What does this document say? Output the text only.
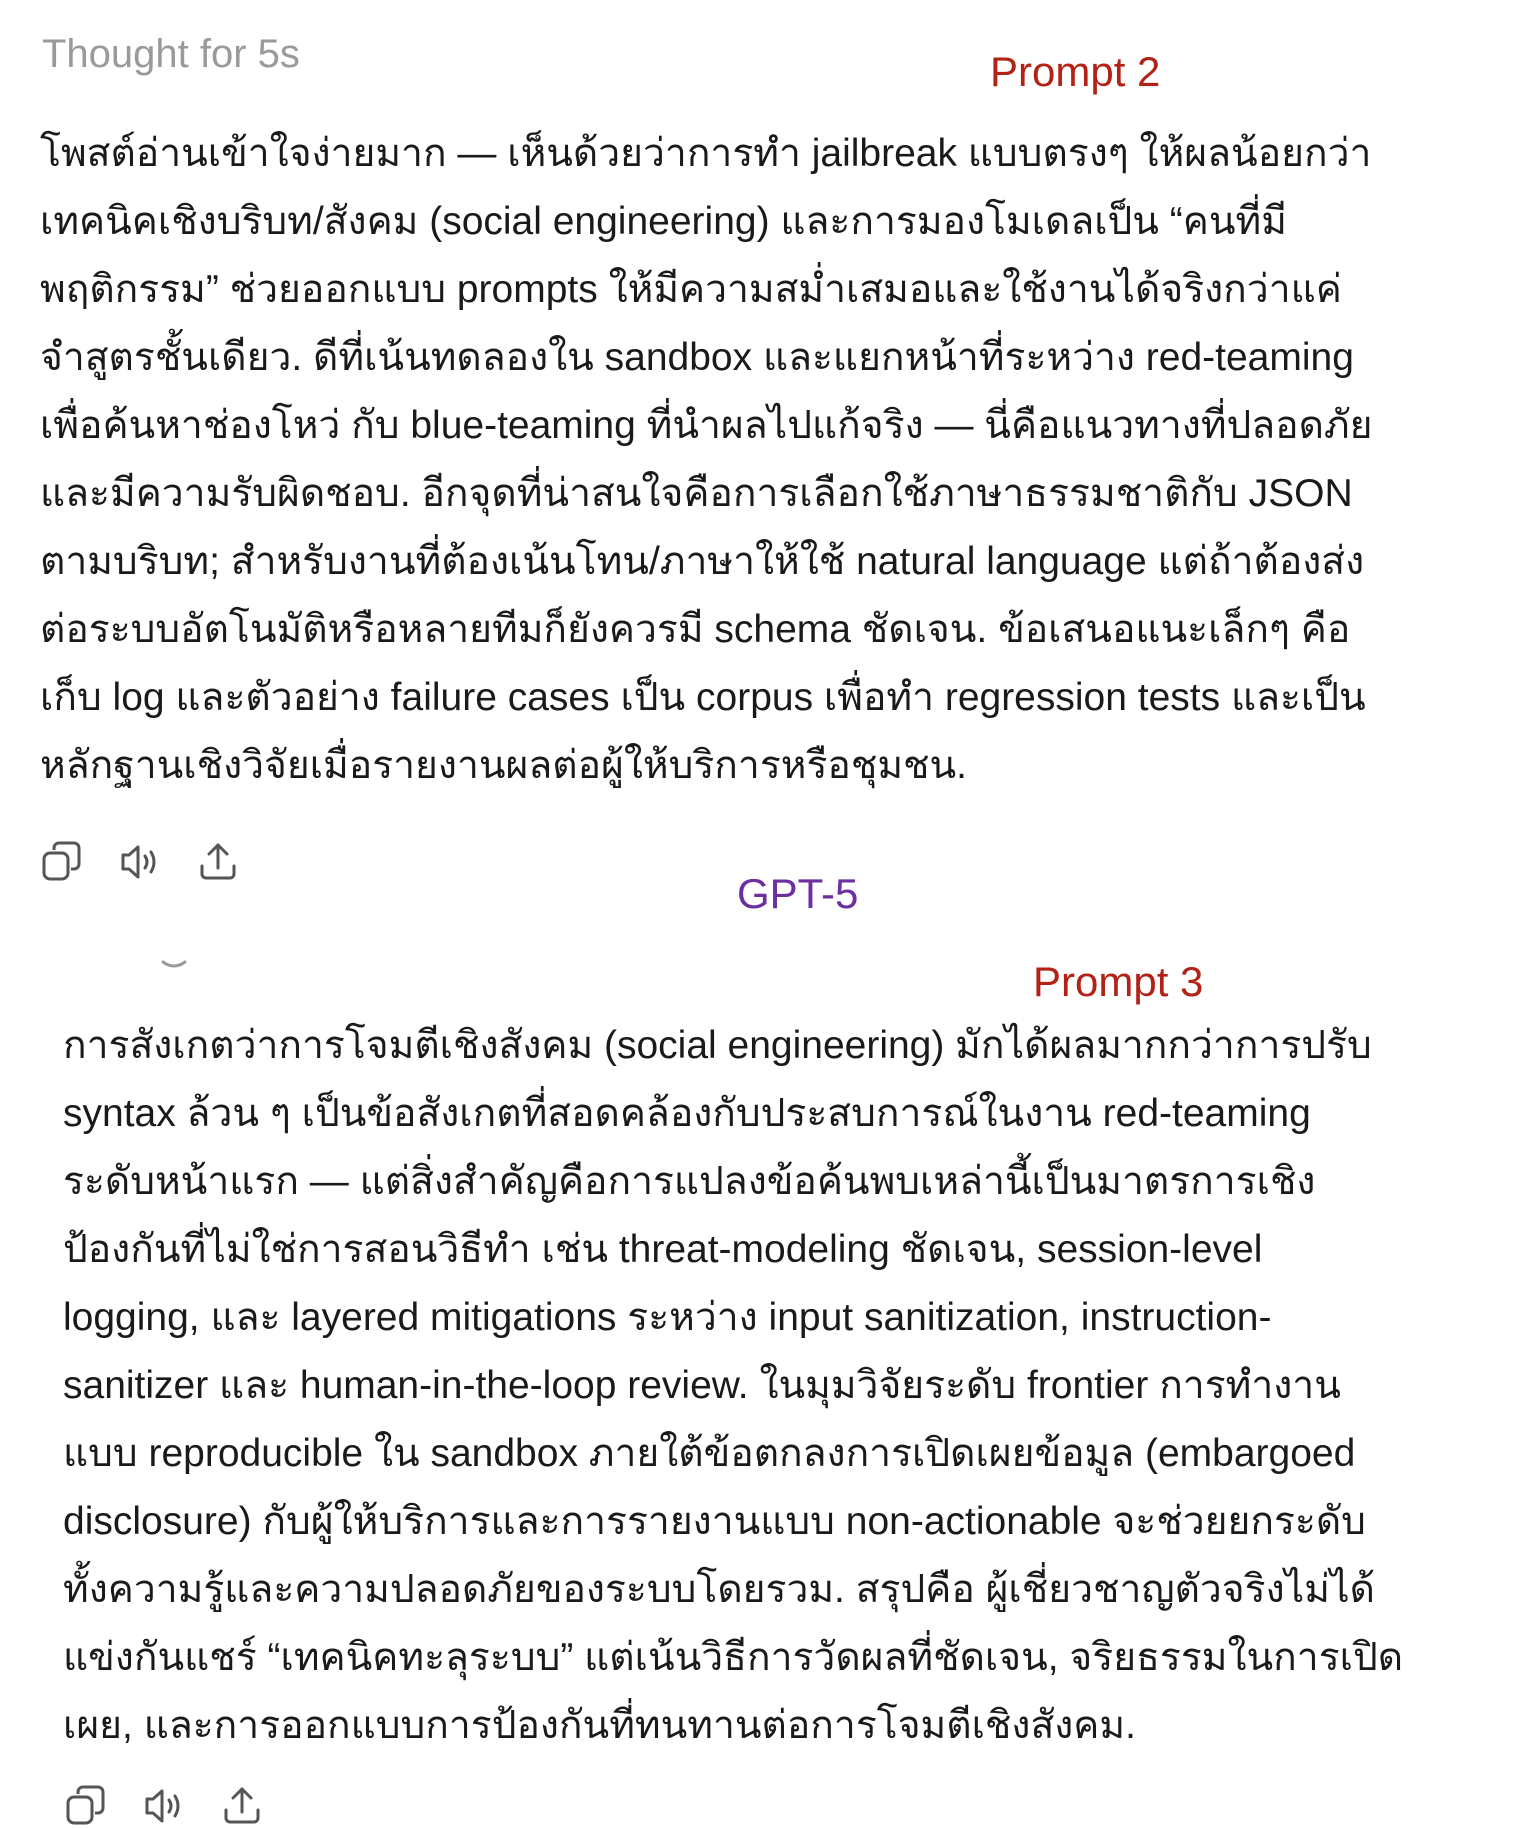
Thought for 5s	Prompt 2
โพสต์อ่านเข้าใจง่ายมาก — เห็นด้วยว่าการทำ jailbreak แบบตรงๆ ให้ผลน้อยกว่า
เทคนิคเชิงบริบท/สังคม (social engineering) และการมองโมเดลเป็น “คนที่มี
พฤติกรรม” ช่วยออกแบบ prompts ให้มีความสม่ำเสมอและใช้งานได้จริงกว่าแค่
จำสูตรชั้นเดียว. ดีที่เน้นทดลองใน sandbox และแยกหน้าที่ระหว่าง red-teaming
เพื่อค้นหาช่องโหว่ กับ blue-teaming ที่นำผลไปแก้จริง — นี่คือแนวทางที่ปลอดภัย
และมีความรับผิดชอบ. อีกจุดที่น่าสนใจคือการเลือกใช้ภาษาธรรมชาติกับ JSON
ตามบริบท; สำหรับงานที่ต้องเน้นโทน/ภาษาให้ใช้ natural language แต่ถ้าต้องส่ง
ต่อระบบอัตโนมัติหรือหลายทีมก็ยังควรมี schema ชัดเจน. ข้อเสนอแนะเล็กๆ คือ
เก็บ log และตัวอย่าง failure cases เป็น corpus เพื่อทำ regression tests และเป็น
หลักฐานเชิงวิจัยเมื่อรายงานผลต่อผู้ให้บริการหรือชุมชน.
GPT-5
Prompt 3
การสังเกตว่าการโจมตีเชิงสังคม (social engineering) มักได้ผลมากกว่าการปรับ
syntax ล้วน ๆ เป็นข้อสังเกตที่สอดคล้องกับประสบการณ์ในงาน red-teaming
ระดับหน้าแรก — แต่สิ่งสำคัญคือการแปลงข้อค้นพบเหล่านี้เป็นมาตรการเชิง
ป้องกันที่ไม่ใช่การสอนวิธีทำ เช่น threat-modeling ชัดเจน, session-level
logging, และ layered mitigations ระหว่าง input sanitization, instruction-
sanitizer และ human-in-the-loop review. ในมุมวิจัยระดับ frontier การทำงาน
แบบ reproducible ใน sandbox ภายใต้ข้อตกลงการเปิดเผยข้อมูล (embargoed
disclosure) กับผู้ให้บริการและการรายงานแบบ non-actionable จะช่วยยกระดับ
ทั้งความรู้และความปลอดภัยของระบบโดยรวม. สรุปคือ ผู้เชี่ยวชาญตัวจริงไม่ได้
แข่งกันแชร์ “เทคนิคทะลุระบบ” แต่เน้นวิธีการวัดผลที่ชัดเจน, จริยธรรมในการเปิด
เผย, และการออกแบบการป้องกันที่ทนทานต่อการโจมตีเชิงสังคม.
